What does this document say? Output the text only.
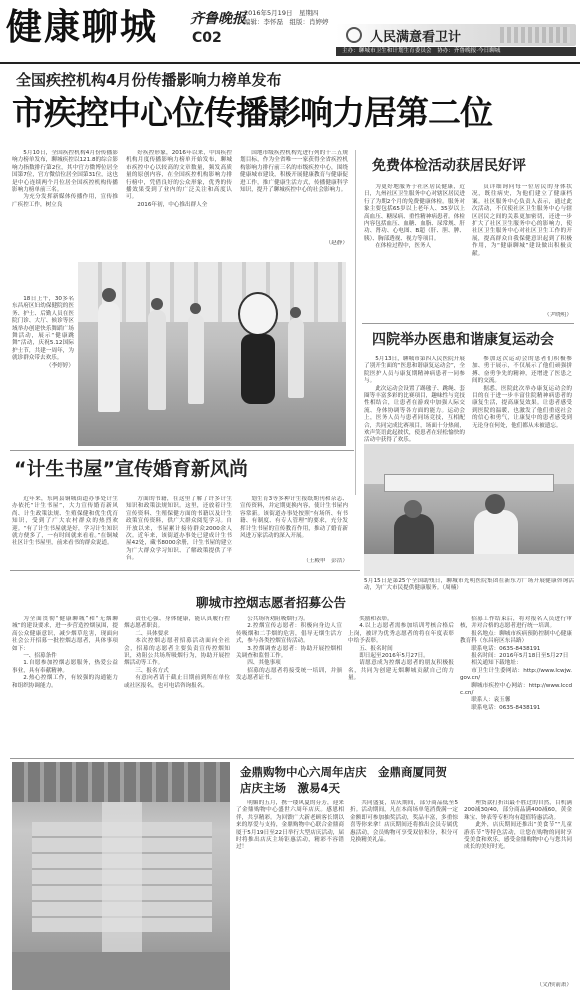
健康聊城 齐鲁晚报
C02
2016年5月19日　星期四
编辑：李怀磊　组版：肖婷婷
人民满意看卫计
主办：聊城市卫生和计划生育委员会　协办：齐鲁晚报·今日聊城
全国疾控机构4月份传播影响力榜单发布
市疾控中心位传播影响力居第二位

5月10日，全国疾控机构4月份传播影响力榜单发布，聊城疾控以121.8的综合影响力指数排行第2位，其中官方微博位居全国第7位，官方微信位居全国第31位，这也是中心连续两个月位居全国疾控机构传播影响力榜单前三名。

为充分发挥新媒体传播作用，宣传推广疾控工作，树立良

好疾控形象，2016年以来，中国疾控机构月度传播影响力榜单开始发布，聊城市疾控中心以较高的文章数量，频发高质量的原创内容，在全国疾控机构影响力排行榜中，凭借良好的公众形象，优秀的传播效果受到了业内的广泛关注和高度认可。

2016年初，中心推出群人全

国地市级疾控机构先进行列的十三五规划目标，作为全省唯一一家获得全省疾控机构影响力排行前三名的市级疾控中心，围绕健康城市建设，积极开展健康教育与健康促进工作，推广健康生活方式，传播健康科学知识，提升了聊城疾控中心的社会影响力。

（赵静）

18日上午，30多名东昌府区妇幼保健院的医务、护士、后勤人员在医院门诊、大厅、候诊等区域举办创建快乐舞蹈广场舞活动，展示“健康跳舞”活动，庆祝5.12国际护士节，共建一周年，为就诊群众带去欢乐。

（李婷婷）
免费体检活动获居民好评

为更好地服务于社区居民健康，近日，九州社区卫生服务中心对辖区居民进行了为期2个月的免费健康体检。服务对象主要包括65岁以上老年人、35岁以上高血压、糖尿病、重性精神病患者。体检内容包括血压、血糖、血脂、尿常规、肝功、肾功、心电图、B超（肝、胆、脾、胰）、胸部透视、视力等项目。

在体检过程中，医务人

员详细询问每一位居民的身体状况，既往病史，为他们建立了健康档案。社区服务中心负责人表示，通过此次活动，不仅使社区卫生服务中心与辖区居民之间的关系更加密切，还进一步扩大了社区卫生服务中心的影响力，使社区卫生服务中心对社区卫生工作的开展，提高群众自我保健意识起到了积极作用，为“健康聊城”建设做出积极贡献。

（尹晓明）
四院举办医患和谐康复运动会

5月13日，聊城市第四人民医院开展了别开生面的“医患和谐康复运动会”，全院医护人员与康复期精神病患者一同参与。

此次运动会设置了踢毽子、跳绳、套圈等丰富多彩的比赛项目，趣味性与竞技性相结合，让患者在游戏中加强人际交流、身体协调等各方面的能力。运动会上，医务人员与患者同场竞技，互相配合，共同完成比赛项目，场面十分热闹，欢声笑语此起彼伏，使患者在轻松愉快的活动中获得了欢乐。

参加这次运动会的患者们积极参加、勇于展示，不仅展示了他们顽强拼搏、奋勇争先的精神，还增进了医患之间的交流。

据悉，医院此次举办康复运动会的目的在于进一步丰富住院精神病患者的康复生活，提高康复效果。让患者感受到医院的温暖，也激发了他们重返社会的信心和勇气，让康复中的患者感受到无论身在何处，他们都从未被遗忘。

“计生书屋”宣传婚育新风尚

近年来，东阿县铜城街道办事处计生办依托“计生书屋”，大力宣传婚育新风尚、计生政策法规、生殖保健和优生优育知识，受到了广大农村群众的热烈欢迎。“有了计生书屋就是好，学习计生知识就方便多了，一有时间就来看看。”在铜城社区计生书屋里，前来看书的群众说道。

方面的书籍，在这里了解了许多计生知识和政策法规知识。这里，还放着计生宣传资料、生殖保健方面的书籍以及计生政策宣传资料，供广大群众阅览学习。自开放以来，书屋累计接待群众2000余人次。近年来，该街道办事处已建成计生书屋42处，藏书8000余册，计生书屋的建立为广大群众学习知识、了解政策提供了平台。

划生育3等多种计生报纸期刊和杂志、宣传资料，并定期更换内容，使计生书屋内容常新。该街道办事处按照“有场所、有书籍、有制度、有专人管理”的要求，充分发挥计生书屋的宣传教育作用，推动了婚育新风进万家活动的深入开展。

（王殿申　彭浩）
5月15日是第25个全国助残日，聊城市光明医院集团在新东方广场开展健康咨询活动，为广大市民提供健康服务。（周楠）
聊城市控烟志愿者招募公告

为全面贯彻“健康聊城”和“无烟聊城”的建设要求，进一步营造控烟氛围，提高公众健康意识，减少烟草危害，现面向社会公开招募一批控烟志愿者，具体事项如下：

一、招募条件

1.自愿参加控烟志愿服务，热爱公益事业，具有奉献精神。

2.热心控烟工作，有较强的沟通能力和组织协调能力。

责任心强、身体健康，能认真履行控烟志愿者职责。

二、具体要求

本次控烟志愿者招募活动面向全社会，招募的志愿者主要负责宣传控烟知识，劝阻公共场所吸烟行为，协助开展控烟活动等工作。

三、报名方式

有意向者请于截止日期前到所在单位或社区报名，也可电话咨询报名。

公共场所劝阻吸烟行为。

2.控烟宣传志愿者：积极向身边人宣传吸烟和二手烟的危害，倡导无烟生活方式，参与各类控烟宣传活动。

3.控烟调查志愿者：协助开展控烟相关调查和监督工作。

四、其他事项

招募的志愿者将接受统一培训，并颁发志愿者证书。

奖励和表彰。

4.以上志愿者需参加培训考核合格后上岗，被评为优秀志愿者的将在年度表彰中给予表彰。

五、报名时间

即日起至2016年5月27日。

请愿意成为控烟志愿者的朋友积极报名，共同为创建无烟聊城贡献自己的力量。

招募工作结束后，将对报名人员进行审核，并对合格的志愿者进行统一培训。

报名地点：聊城市疾病预防控制中心健康教育科（东昌府区东昌路）

联系电话：0635-8438191

报名时间：2016年5月18日至5月27日

相关通知下载地址：

市卫生计生委网站：http://www.lcwjw.gov.cn/

聊城市疾控中心网站：http://www.lccdc.cn/

联系人：袁玉馨

联系电话：0635-8438191

金鼎购物中心六周年店庆　金鼎商厦同贺
店庆主场　激易4天

明媚的五月，携一缕风夏的芬芳，迎来了金鼎购物中心盛世六周年店庆。感恩相伴，共享精彩。为回馈广大新老顾客长期以来的厚爱与支持，金鼎购物中心联合金鼎商厦于5月19日至22日举行大型店庆活动，届时将推出店庆主场钜惠活动，精彩不容错过！

共同盛宴，店庆期间，部分商品低至5折。活动期间，凡在本商场单笔消费满一定金额即可参加抽奖活动，奖品丰富，多重惊喜等你来拿！店庆期间还将推出会员专属优惠活动，会员购物可享受双倍积分，积分可兑换精美礼品。

理货款打折出最不胜过的自然，目机满200减30/40，部分商品满400减60，黄金珠宝、钟表等专柜均有超值特惠活动。

此外，店庆期间还推出“美食节”“儿童游乐节”等特色活动，让您在购物的同时享受美食和欢乐，感受金鼎购物中心与您共同成长的美好时光。

（文/侯箭萧）
